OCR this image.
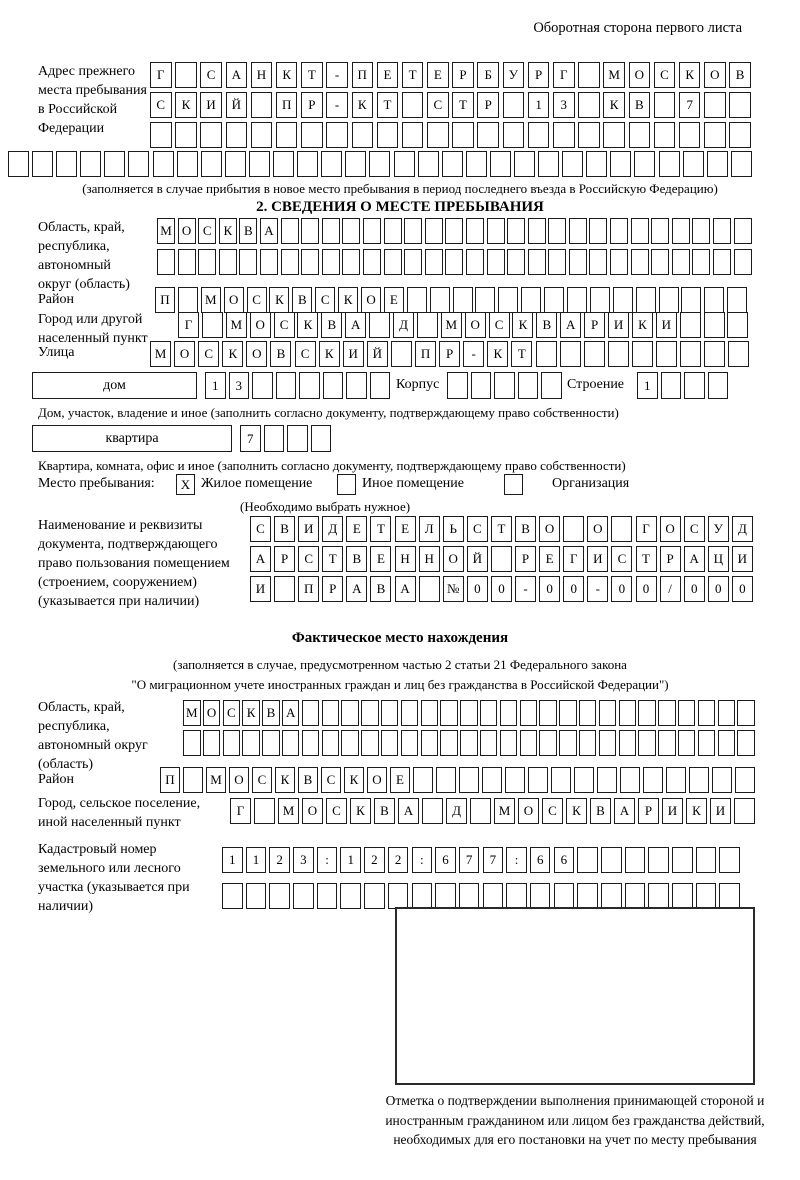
Оборотная сторона первого листа
Адрес прежнего места пребывания в Российской Федерации
Г	С	А	Н	К	Т	-	П	Е	Т	Е	Р	Б	У	Р	Г	М	О	С	К	О	В
С	К	И	Й	П	Р	-	К	Т	С	Т	Р	1	3	К	В	7
(заполняется в случае прибытия в новое место пребывания в период последнего въезда в Российскую Федерацию)
2. СВЕДЕНИЯ О МЕСТЕ ПРЕБЫВАНИЯ
Область, край, республика, автономный округ (область)
М О С К В А
Район	П	М О	С	К	В	С	К	О	Е
Город или другой населенный пункт
Г	М	О	С	К	В	А	Д	М	О	С	К	В	А	Р	И	К	И
Улица	М	О	С	К	О	В	С	К	И	Й	П	Р	-	К	Т
дом	1	3	Корпус	Строение	1
Дом, участок, владение и иное (заполнить согласно документу, подтверждающему право собственности)
квартира	7
Квартира, комната, офис и иное (заполнить согласно документу, подтверждающему право собственности)
Место пребывания:	X Жилое помещение	Иное помещение	Организация
(Необходимо выбрать нужное)
Наименование и реквизиты документа, подтверждающего право пользования помещением (строением, сооружением) (указывается при наличии)
С	В	И	Д	Е	Т	Е	Л	Ь	С	Т	В	О	О	Г	О	С	У	Д
А	Р	С	Т	В	Е	Н	Н	О	Й	Р	Е	Г	И	С	Т	Р	А	Ц	И
И	П	Р	А	В	А	№	0	0	-	0	0	-	0	0	/	0	0	0
Фактическое место нахождения
(заполняется в случае, предусмотренном частью 2 статьи 21 Федерального закона
"О миграционном учете иностранных граждан и лиц без гражданства в Российской Федерации")
Область, край, республика, автономный округ (область)
М О С К В А
Район	П	М О	С	К	В	С	К	О	Е
Город, сельское поселение, иной населенный пункт
Г	М	О	С	К	В	А	Д	М	О	С	К	В	А	Р	И	К	И
Кадастровый номер земельного или лесного участка (указывается при наличии)
1	1	2	3	:	1	2	2	:	6	7	7	:	6	6
Отметка о подтверждении выполнения принимающей стороной и иностранным гражданином или лицом без гражданства действий, необходимых для его постановки на учет по месту пребывания
